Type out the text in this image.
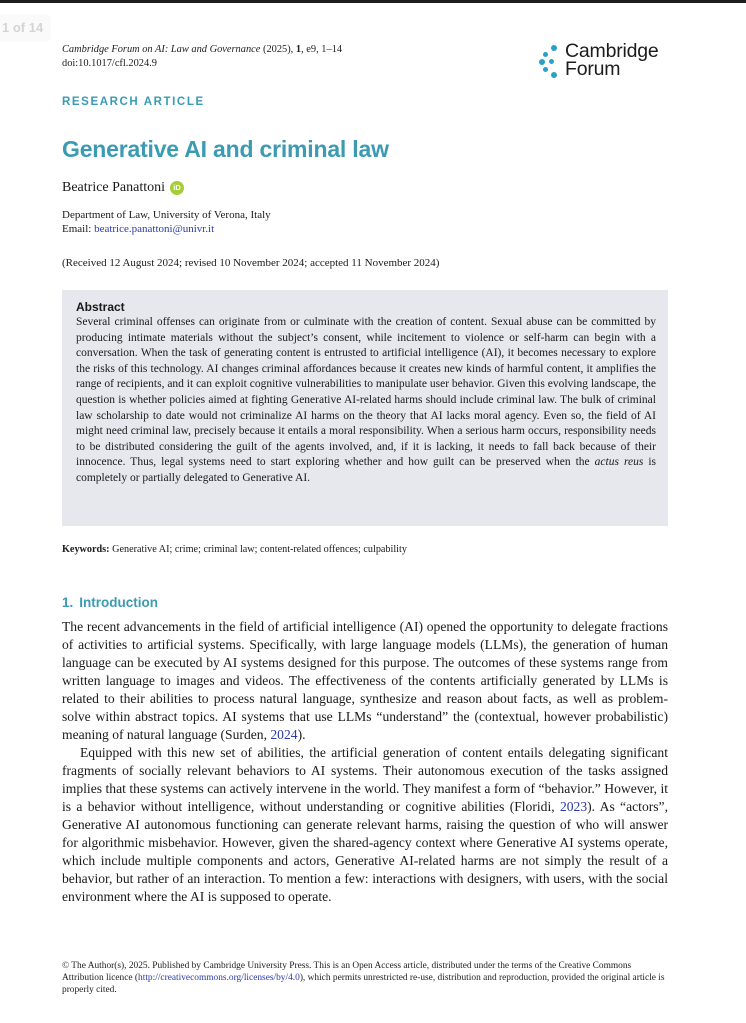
1 of 14
Cambridge Forum on AI: Law and Governance (2025), 1, e9, 1–14
doi:10.1017/cfl.2024.9
Cambridge
Forum
RESEARCH ARTICLE
Generative AI and criminal law
Beatrice Panattoni	iD
Department of Law, University of Verona, Italy
Email: beatrice.panattoni@univr.it
(Received 12 August 2024; revised 10 November 2024; accepted 11 November 2024)
Abstract

Several criminal offenses can originate from or culminate with the creation of content. Sexual abuse can be committed by producing intimate materials without the subject’s consent, while incitement to violence or self-harm can begin with a conversation. When the task of generating content is entrusted to artificial intelligence (AI), it becomes necessary to explore the risks of this technology. AI changes criminal affordances because it creates new kinds of harmful content, it amplifies the range of recipients, and it can exploit cognitive vulnerabilities to manipulate user behavior. Given this evolving landscape, the question is whether policies aimed at fighting Generative AI-related harms should include criminal law. The bulk of criminal law scholarship to date would not criminalize AI harms on the theory that AI lacks moral agency. Even so, the field of AI might need criminal law, precisely because it entails a moral responsibility. When a serious harm occurs, responsibility needs to be distributed considering the guilt of the agents involved, and, if it is lacking, it needs to fall back because of their innocence. Thus, legal systems need to start exploring whether and how guilt can be preserved when the actus reus is completely or partially delegated to Generative AI.

Keywords: Generative AI; crime; criminal law; content-related offences; culpability
1. Introduction

The recent advancements in the field of artificial intelligence (AI) opened the opportunity to delegate fractions of activities to artificial systems. Specifically, with large language models (LLMs), the generation of human language can be executed by AI systems designed for this purpose. The outcomes of these systems range from written language to images and videos. The effectiveness of the contents artificially generated by LLMs is related to their abilities to process natural language, synthesize and reason about facts, as well as problem-solve within abstract topics. AI systems that use LLMs “understand” the (contextual, however probabilistic) meaning of natural language (Surden, 2024).

Equipped with this new set of abilities, the artificial generation of content entails delegating significant fragments of socially relevant behaviors to AI systems. Their autonomous execution of the tasks assigned implies that these systems can actively intervene in the world. They manifest a form of “behavior.” However, it is a behavior without intelligence, without understanding or cognitive abilities (Floridi, 2023). As “actors”, Generative AI autonomous functioning can generate relevant harms, raising the question of who will answer for algorithmic misbehavior. However, given the shared-agency context where Generative AI systems operate, which include multiple components and actors, Generative AI-related harms are not simply the result of a behavior, but rather of an interaction. To mention a few: interactions with designers, with users, with the social environment where the AI is supposed to operate.

© The Author(s), 2025. Published by Cambridge University Press. This is an Open Access article, distributed under the terms of the Creative Commons Attribution licence (http://creativecommons.org/licenses/by/4.0), which permits unrestricted re-use, distribution and reproduction, provided the original article is properly cited.
